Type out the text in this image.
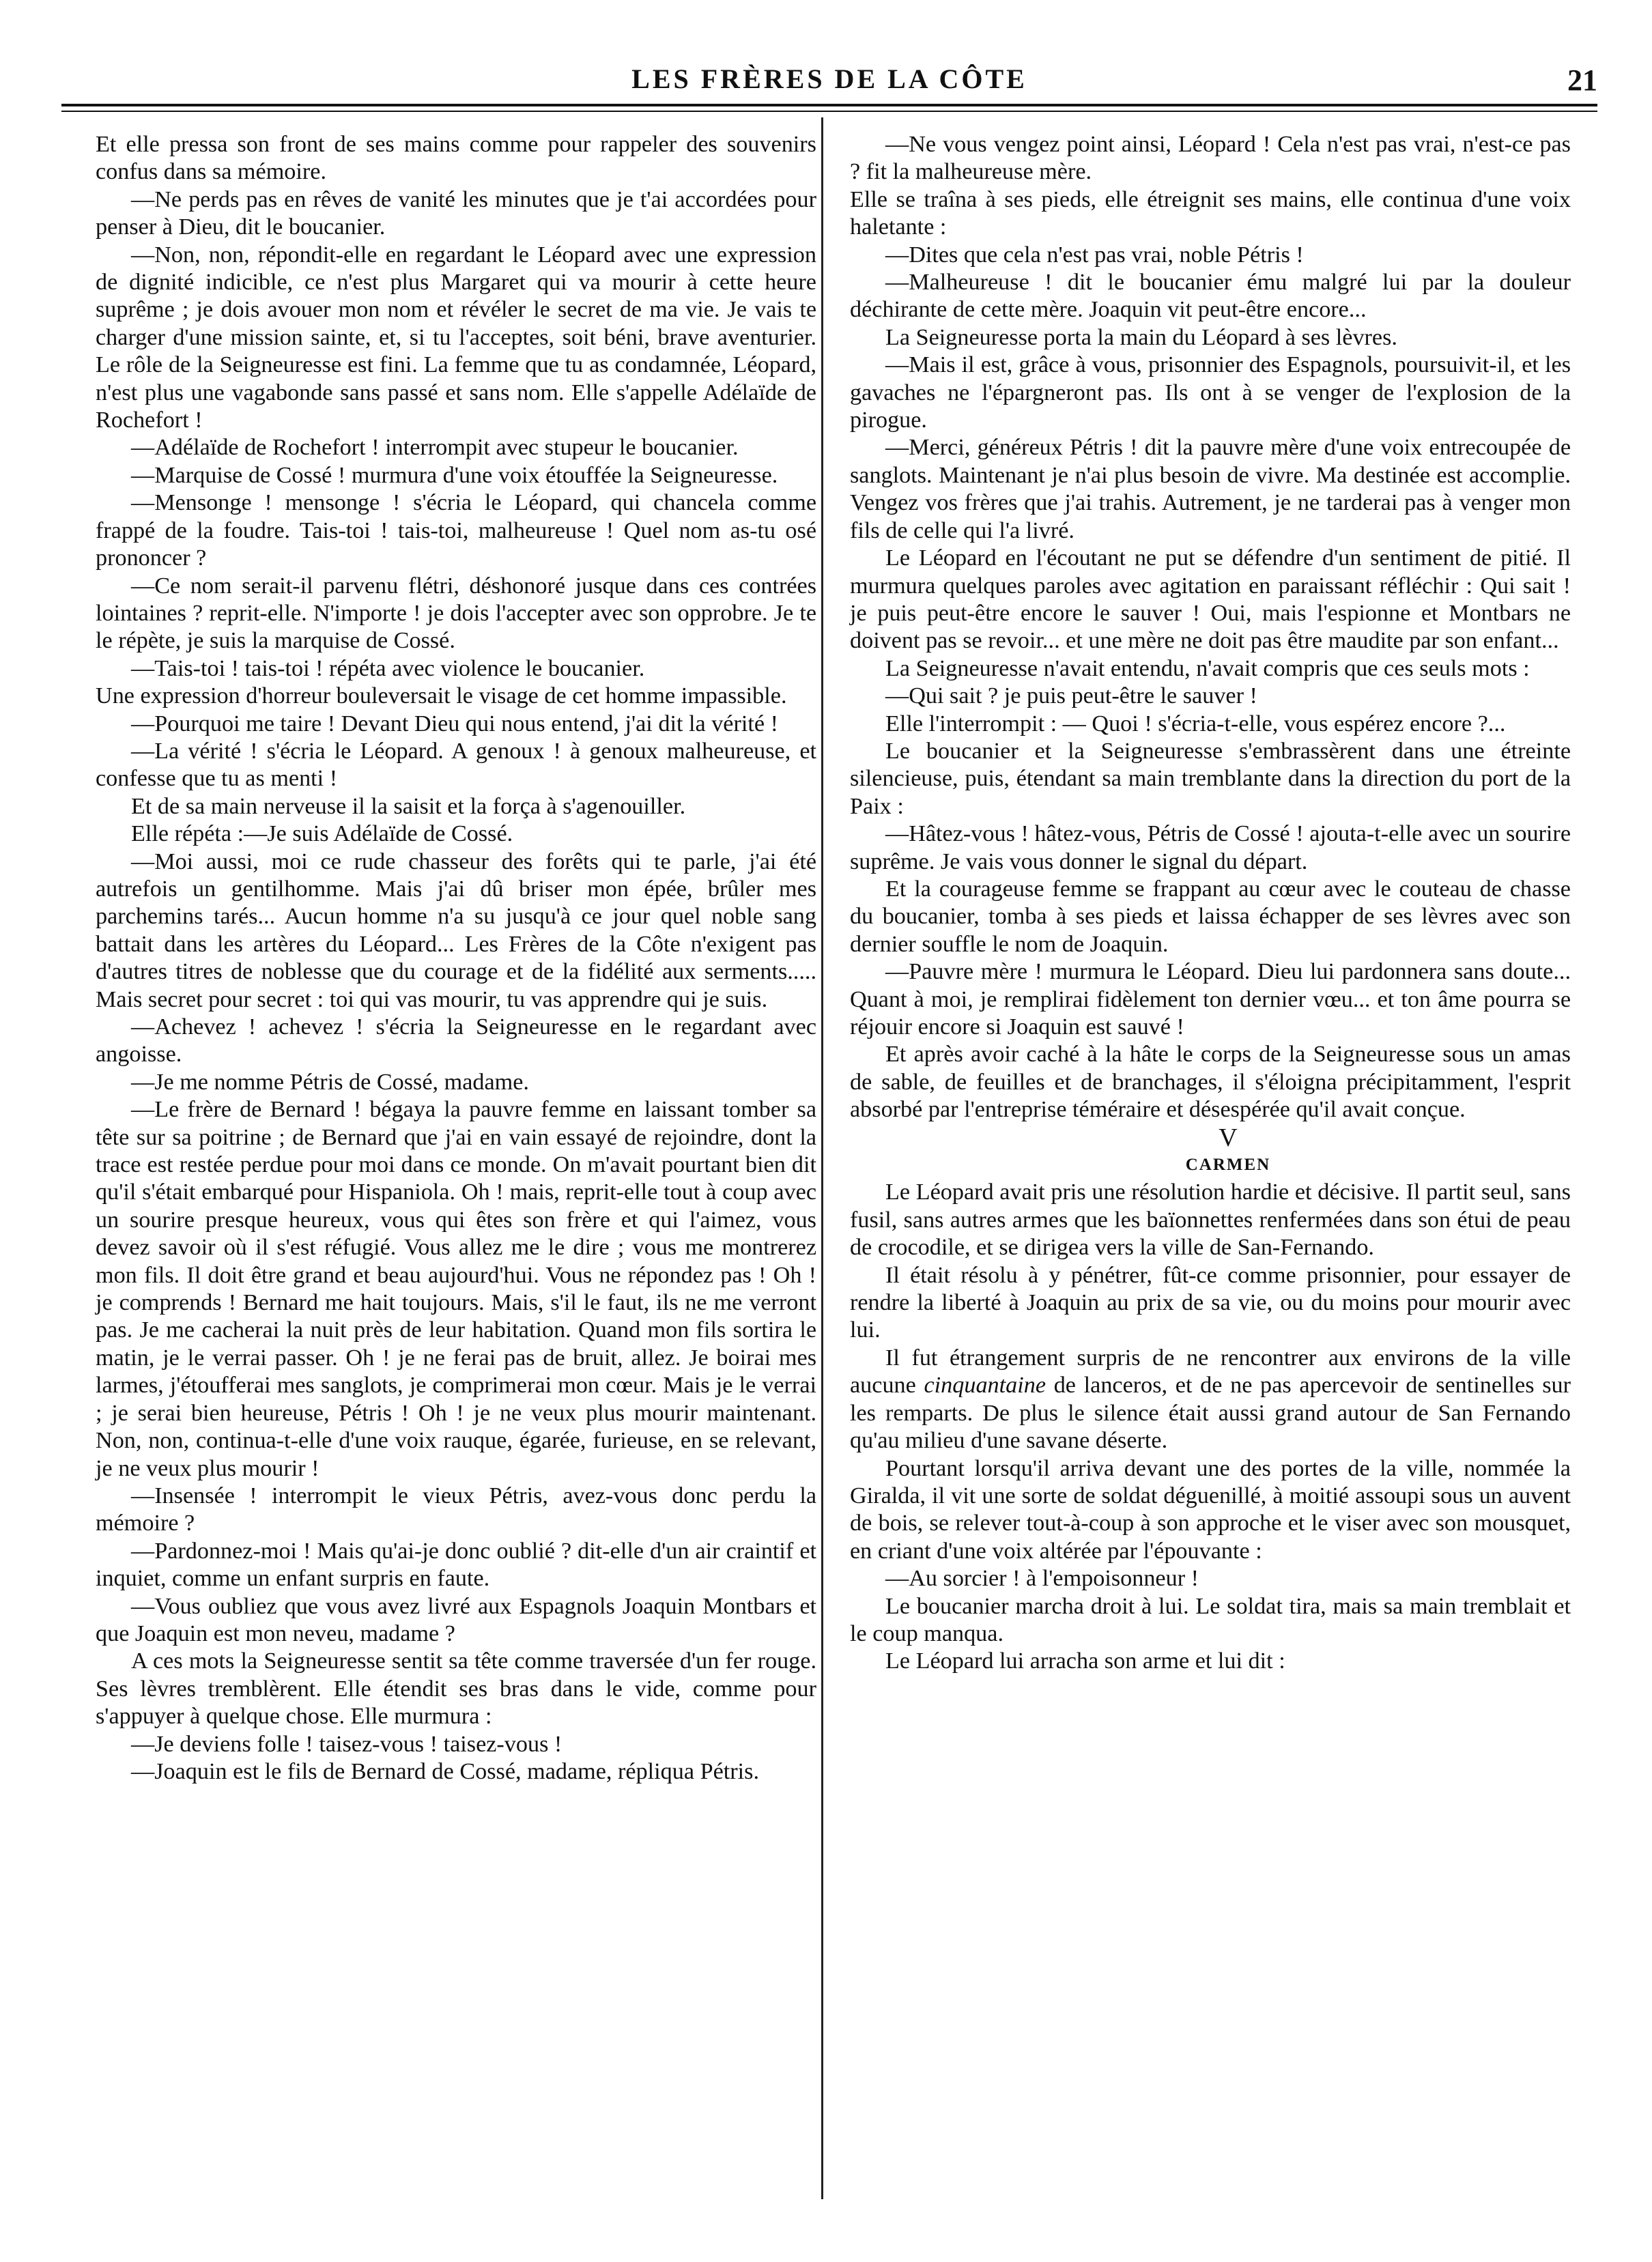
LES FRÈRES DE LA CÔTE	21

Et elle pressa son front de ses mains comme pour rappeler des souvenirs confus dans sa mémoire.

—Ne perds pas en rêves de vanité les minutes que je t'ai accordées pour penser à Dieu, dit le boucanier.

—Non, non, répondit-elle en regardant le Léopard avec une expression de dignité indicible, ce n'est plus Margaret qui va mourir à cette heure suprême ; je dois avouer mon nom et révéler le secret de ma vie. Je vais te charger d'une mission sainte, et, si tu l'acceptes, soit béni, brave aventurier. Le rôle de la Seigneuresse est fini. La femme que tu as condamnée, Léopard, n'est plus une vagabonde sans passé et sans nom. Elle s'appelle Adélaïde de Rochefort !

—Adélaïde de Rochefort ! interrompit avec stupeur le boucanier.

—Marquise de Cossé ! murmura d'une voix étouffée la Seigneuresse.

—Mensonge ! mensonge ! s'écria le Léopard, qui chancela comme frappé de la foudre. Tais-toi ! tais-toi, malheureuse ! Quel nom as-tu osé prononcer ?

—Ce nom serait-il parvenu flétri, déshonoré jusque dans ces contrées lointaines ? reprit-elle. N'importe ! je dois l'accepter avec son opprobre. Je te le répète, je suis la marquise de Cossé.

—Tais-toi ! tais-toi ! répéta avec violence le boucanier.

Une expression d'horreur bouleversait le visage de cet homme impassible.

—Pourquoi me taire ! Devant Dieu qui nous entend, j'ai dit la vérité !

—La vérité ! s'écria le Léopard. A genoux ! à genoux malheureuse, et confesse que tu as menti !

Et de sa main nerveuse il la saisit et la força à s'agenouiller.

Elle répéta :—Je suis Adélaïde de Cossé.

—Moi aussi, moi ce rude chasseur des forêts qui te parle, j'ai été autrefois un gentilhomme. Mais j'ai dû briser mon épée, brûler mes parchemins tarés... Aucun homme n'a su jusqu'à ce jour quel noble sang battait dans les artères du Léopard... Les Frères de la Côte n'exigent pas d'autres titres de noblesse que du courage et de la fidélité aux serments..... Mais secret pour secret : toi qui vas mourir, tu vas apprendre qui je suis.

—Achevez ! achevez ! s'écria la Seigneuresse en le regardant avec angoisse.

—Je me nomme Pétris de Cossé, madame.

—Le frère de Bernard ! bégaya la pauvre femme en laissant tomber sa tête sur sa poitrine ; de Bernard que j'ai en vain essayé de rejoindre, dont la trace est restée perdue pour moi dans ce monde. On m'avait pourtant bien dit qu'il s'était embarqué pour Hispaniola. Oh ! mais, reprit-elle tout à coup avec un sourire presque heureux, vous qui êtes son frère et qui l'aimez, vous devez savoir où il s'est réfugié. Vous allez me le dire ; vous me montrerez mon fils. Il doit être grand et beau aujourd'hui. Vous ne répondez pas ! Oh ! je comprends ! Bernard me hait toujours. Mais, s'il le faut, ils ne me verront pas. Je me cacherai la nuit près de leur habitation. Quand mon fils sortira le matin, je le verrai passer. Oh ! je ne ferai pas de bruit, allez. Je boirai mes larmes, j'étoufferai mes sanglots, je comprimerai mon cœur. Mais je le verrai ; je serai bien heureuse, Pétris ! Oh ! je ne veux plus mourir maintenant. Non, non, continua-t-elle d'une voix rauque, égarée, furieuse, en se relevant, je ne veux plus mourir !

—Insensée ! interrompit le vieux Pétris, avez-vous donc perdu la mémoire ?

—Pardonnez-moi ! Mais qu'ai-je donc oublié ? dit-elle d'un air craintif et inquiet, comme un enfant surpris en faute.

—Vous oubliez que vous avez livré aux Espagnols Joaquin Montbars et que Joaquin est mon neveu, madame ?

A ces mots la Seigneuresse sentit sa tête comme traversée d'un fer rouge. Ses lèvres tremblèrent. Elle étendit ses bras dans le vide, comme pour s'appuyer à quelque chose. Elle murmura :

—Je deviens folle ! taisez-vous ! taisez-vous !

—Joaquin est le fils de Bernard de Cossé, madame, répliqua Pétris.

—Ne vous vengez point ainsi, Léopard ! Cela n'est pas vrai, n'est-ce pas ? fit la malheureuse mère.

Elle se traîna à ses pieds, elle étreignit ses mains, elle continua d'une voix haletante :

—Dites que cela n'est pas vrai, noble Pétris !

—Malheureuse ! dit le boucanier ému malgré lui par la douleur déchirante de cette mère. Joaquin vit peut-être encore...

La Seigneuresse porta la main du Léopard à ses lèvres.

—Mais il est, grâce à vous, prisonnier des Espagnols, poursuivit-il, et les gavaches ne l'épargneront pas. Ils ont à se venger de l'explosion de la pirogue.

—Merci, généreux Pétris ! dit la pauvre mère d'une voix entrecoupée de sanglots. Maintenant je n'ai plus besoin de vivre. Ma destinée est accomplie. Vengez vos frères que j'ai trahis. Autrement, je ne tarderai pas à venger mon fils de celle qui l'a livré.

Le Léopard en l'écoutant ne put se défendre d'un sentiment de pitié. Il murmura quelques paroles avec agitation en paraissant réfléchir : Qui sait ! je puis peut-être encore le sauver ! Oui, mais l'espionne et Montbars ne doivent pas se revoir... et une mère ne doit pas être maudite par son enfant...

La Seigneuresse n'avait entendu, n'avait compris que ces seuls mots :

—Qui sait ? je puis peut-être le sauver !

Elle l'interrompit : — Quoi ! s'écria-t-elle, vous espérez encore ?...

Le boucanier et la Seigneuresse s'embrassèrent dans une étreinte silencieuse, puis, étendant sa main tremblante dans la direction du port de la Paix :

—Hâtez-vous ! hâtez-vous, Pétris de Cossé ! ajouta-t-elle avec un sourire suprême. Je vais vous donner le signal du départ.

Et la courageuse femme se frappant au cœur avec le couteau de chasse du boucanier, tomba à ses pieds et laissa échapper de ses lèvres avec son dernier souffle le nom de Joaquin.

—Pauvre mère ! murmura le Léopard. Dieu lui pardonnera sans doute... Quant à moi, je remplirai fidèlement ton dernier vœu... et ton âme pourra se réjouir encore si Joaquin est sauvé !

Et après avoir caché à la hâte le corps de la Seigneuresse sous un amas de sable, de feuilles et de branchages, il s'éloigna précipitamment, l'esprit absorbé par l'entreprise téméraire et désespérée qu'il avait conçue.

V

CARMEN

Le Léopard avait pris une résolution hardie et décisive. Il partit seul, sans fusil, sans autres armes que les baïonnettes renfermées dans son étui de peau de crocodile, et se dirigea vers la ville de San-Fernando.

Il était résolu à y pénétrer, fût-ce comme prisonnier, pour essayer de rendre la liberté à Joaquin au prix de sa vie, ou du moins pour mourir avec lui.

Il fut étrangement surpris de ne rencontrer aux environs de la ville aucune cinquantaine de lanceros, et de ne pas apercevoir de sentinelles sur les remparts. De plus le silence était aussi grand autour de San Fernando qu'au milieu d'une savane déserte.

Pourtant lorsqu'il arriva devant une des portes de la ville, nommée la Giralda, il vit une sorte de soldat déguenillé, à moitié assoupi sous un auvent de bois, se relever tout-à-coup à son approche et le viser avec son mousquet, en criant d'une voix altérée par l'épouvante :

—Au sorcier ! à l'empoisonneur !

Le boucanier marcha droit à lui. Le soldat tira, mais sa main tremblait et le coup manqua.

Le Léopard lui arracha son arme et lui dit :
